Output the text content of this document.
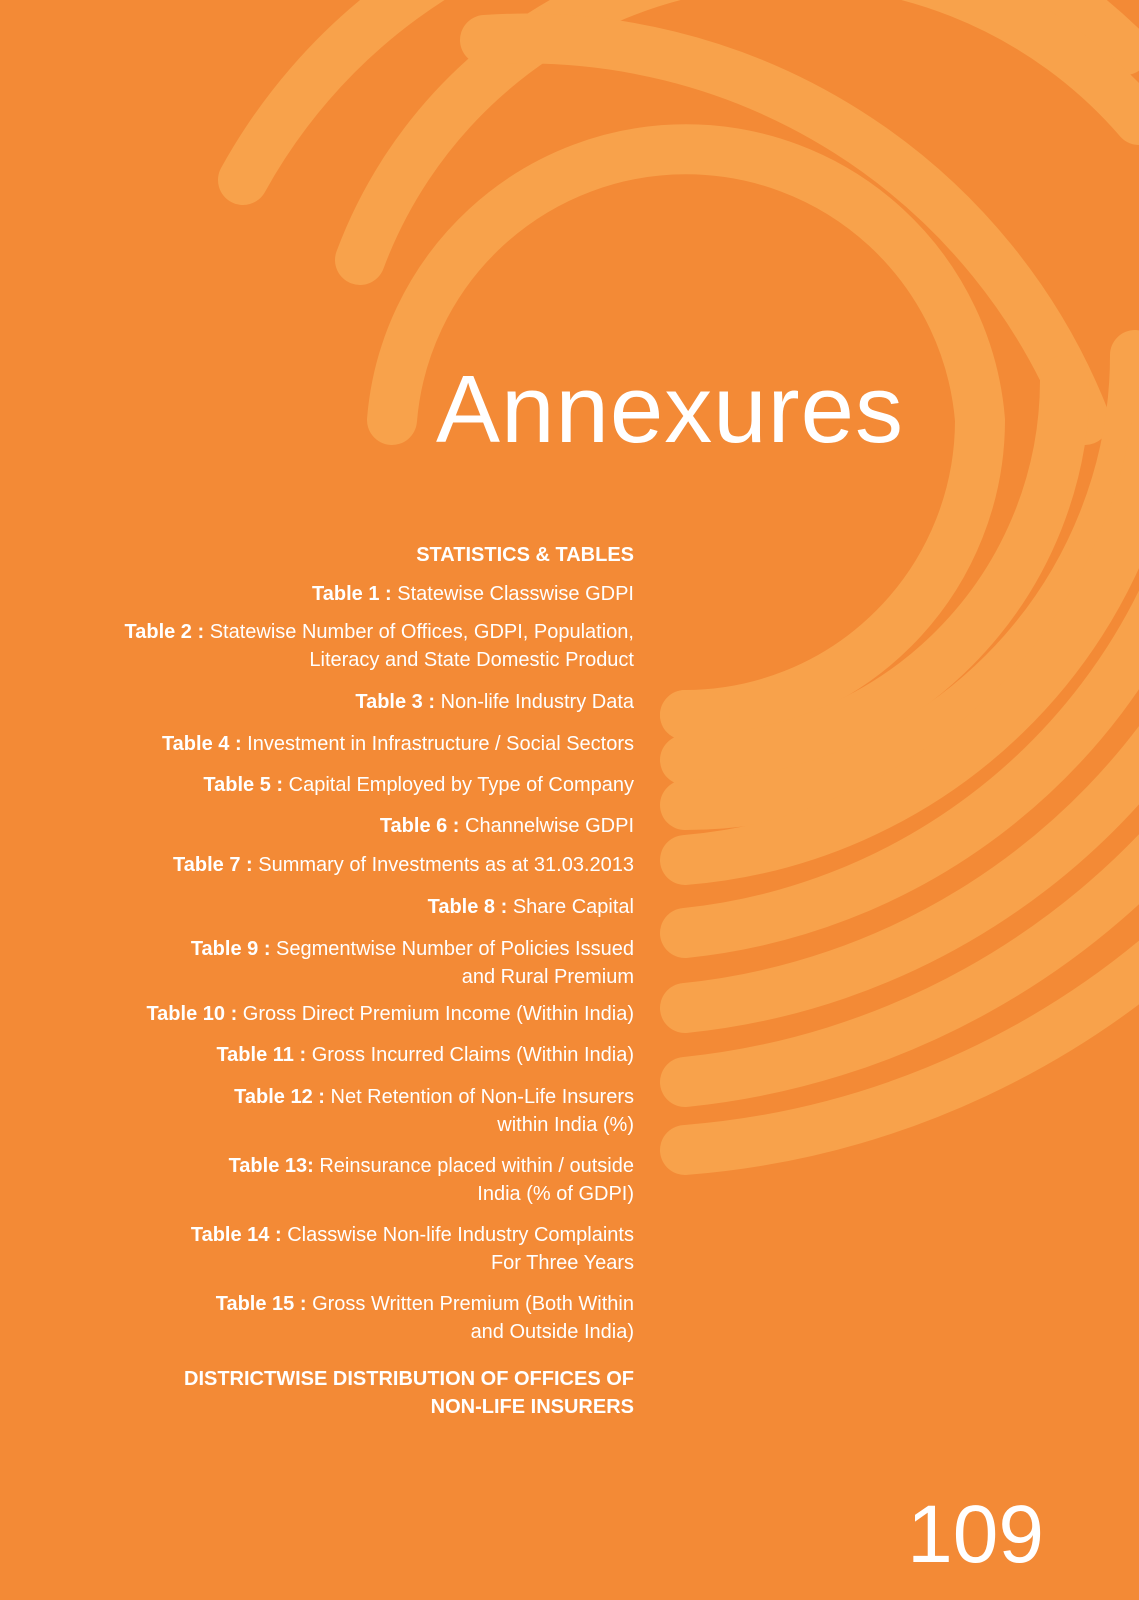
Annexures
STATISTICS & TABLES
Table 1 : Statewise Classwise GDPI
Table 2 : Statewise Number of Offices, GDPI, Population,
Literacy and State Domestic Product
Table 3 : Non-life Industry Data
Table 4 : Investment in Infrastructure / Social Sectors
Table 5 : Capital Employed by Type of Company
Table 6 : Channelwise GDPI
Table 7 : Summary of Investments as at 31.03.2013
Table 8 : Share Capital
Table 9 : Segmentwise Number of Policies Issued
and Rural Premium
Table 10 : Gross Direct Premium Income (Within India)
Table 11 : Gross Incurred Claims (Within India)
Table 12 : Net Retention of Non-Life Insurers
within India (%)
Table 13: Reinsurance placed within / outside
India (% of GDPI)
Table 14 : Classwise Non-life Industry Complaints
For Three Years
Table 15 : Gross Written Premium (Both Within
and Outside India)
DISTRICTWISE DISTRIBUTION OF OFFICES OF
NON-LIFE INSURERS
109
